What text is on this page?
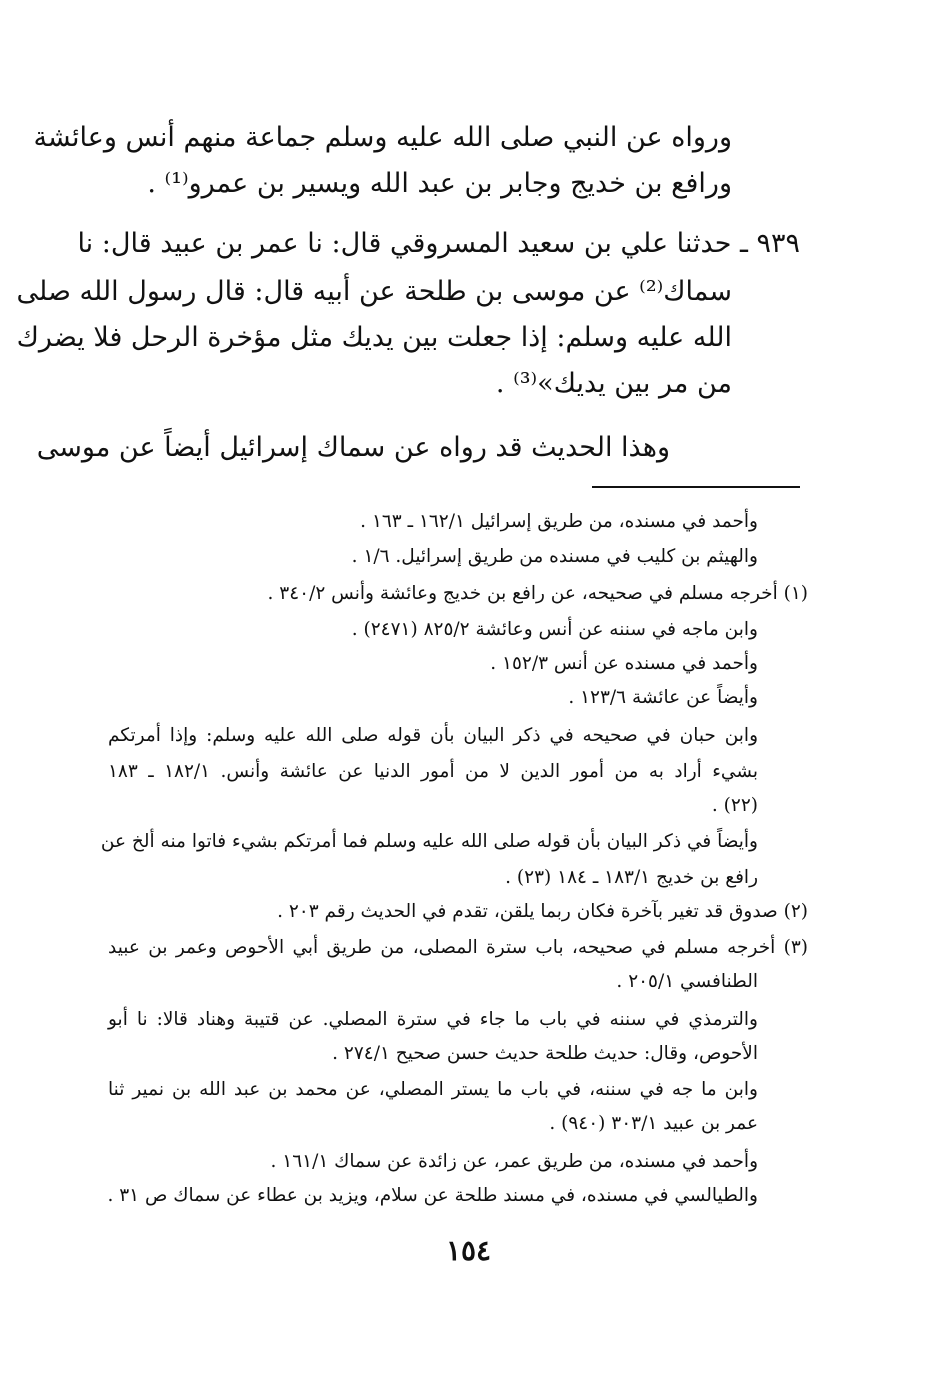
ورواه عن النبي صلى الله عليه وسلم جماعة منهم أنس وعائشة
ورافع بن خديج وجابر بن عبد الله ويسير بن عمرو⁽¹⁾ .
٩٣٩ ـ حدثنا علي بن سعيد المسروقي قال: نا عمر بن عبيد قال: نا
سماك⁽²⁾ عن موسى بن طلحة عن أبيه قال: قال رسول الله صلى
الله عليه وسلم: إذا جعلت بين يديك مثل مؤخرة الرحل فلا يضرك
من مر بين يديك»⁽³⁾ .
وهذا الحديث قد رواه عن سماك إسرائيل أيضاً عن موسى
وأحمد في مسنده، من طريق إسرائيل ١٦٢/١ ـ ١٦٣ .
والهيثم بن كليب في مسنده من طريق إسرائيل. ١/٦ .
(١) أخرجه مسلم في صحيحه، عن رافع بن خديج وعائشة وأنس ٣٤٠/٢ .
وابن ماجه في سننه عن أنس وعائشة ٨٢٥/٢ (٢٤٧١) .
وأحمد في مسنده عن أنس ١٥٢/٣ .
وأيضاً عن عائشة ١٢٣/٦ .
وابن حبان في صحيحه في ذكر البيان بأن قوله صلى الله عليه وسلم: وإذا أمرتكم
بشيء أراد به من أمور الدين لا من أمور الدنيا عن عائشة وأنس. ١٨٢/١ ـ ١٨٣
(٢٢) .
وأيضاً في ذكر البيان بأن قوله صلى الله عليه وسلم فما أمرتكم بشيء فاتوا منه ألخ عن
رافع بن خديج ١٨٣/١ ـ ١٨٤ (٢٣) .
(٢) صدوق قد تغير بآخرة فكان ربما يلقن، تقدم في الحديث رقم ٢٠٣ .
(٣) أخرجه مسلم في صحيحه، باب سترة المصلى، من طريق أبي الأحوص وعمر بن عبيد
الطنافسي ٢٠٥/١ .
والترمذي في سننه في باب ما جاء في سترة المصلي. عن قتيبة وهناد قالا: نا أبو
الأحوص، وقال: حديث طلحة حديث حسن صحيح ٢٧٤/١ .
وابن ما جه في سننه، في باب ما يستر المصلي، عن محمد بن عبد الله بن نمير ثنا
عمر بن عبيد ٣٠٣/١ (٩٤٠) .
وأحمد في مسنده، من طريق عمر، عن زائدة عن سماك ١٦١/١ .
والطيالسي في مسنده، في مسند طلحة عن سلام، ويزيد بن عطاء عن سماك ص ٣١ .
١٥٤
